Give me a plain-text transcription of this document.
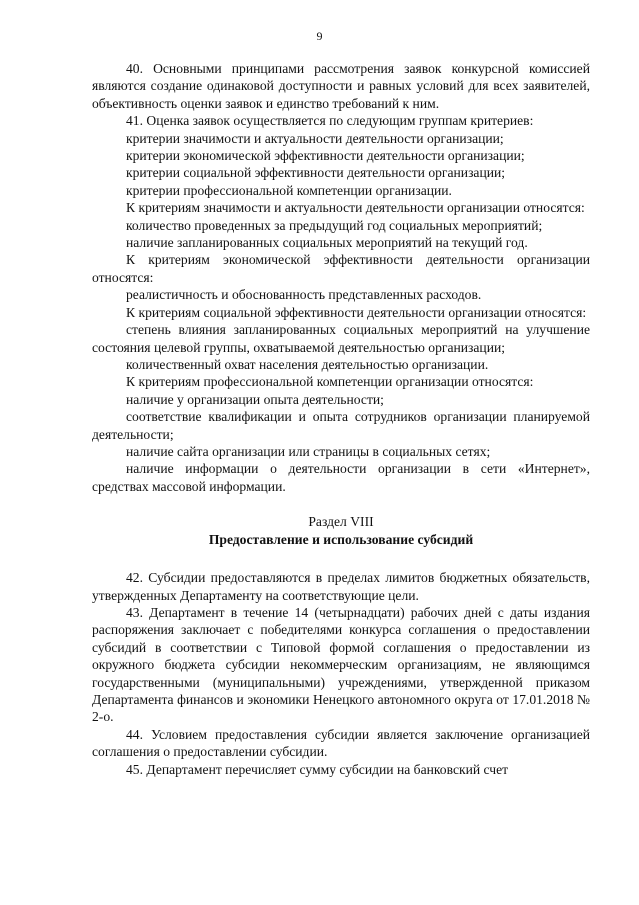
9

40. Основными принципами рассмотрения заявок конкурсной комиссией являются создание одинаковой доступности и равных условий для всех заявителей, объективность оценки заявок и единство требований к ним.

41. Оценка заявок осуществляется по следующим группам критериев:

критерии значимости и актуальности деятельности организации;

критерии экономической эффективности деятельности организации;

критерии социальной эффективности деятельности организации;

критерии профессиональной компетенции организации.

К критериям значимости и актуальности деятельности организации относятся:

количество проведенных за предыдущий год социальных мероприятий;

наличие запланированных социальных мероприятий на текущий год.

К критериям экономической эффективности деятельности организации относятся:

реалистичность и обоснованность представленных расходов.

К критериям социальной эффективности деятельности организации относятся:

степень влияния запланированных социальных мероприятий на улучшение состояния целевой группы, охватываемой деятельностью организации;

количественный охват населения деятельностью организации.

К критериям профессиональной компетенции организации относятся:

наличие у организации опыта деятельности;

соответствие квалификации и опыта сотрудников организации планируемой деятельности;

наличие сайта организации или страницы в социальных сетях;

наличие информации о деятельности организации в сети «Интернет», средствах массовой информации.

Раздел VIII

Предоставление и использование субсидий

42. Субсидии предоставляются в пределах лимитов бюджетных обязательств, утвержденных Департаменту на соответствующие цели.

43. Департамент в течение 14 (четырнадцати) рабочих дней с даты издания распоряжения заключает с победителями конкурса соглашения о предоставлении субсидий в соответствии с Типовой формой соглашения о предоставлении из окружного бюджета субсидии некоммерческим организациям, не являющимся государственными (муниципальными) учреждениями, утвержденной приказом Департамента финансов и экономики Ненецкого автономного округа от 17.01.2018 № 2-о.

44. Условием предоставления субсидии является заключение организацией соглашения о предоставлении субсидии.

45. Департамент перечисляет сумму субсидии на банковский счет
